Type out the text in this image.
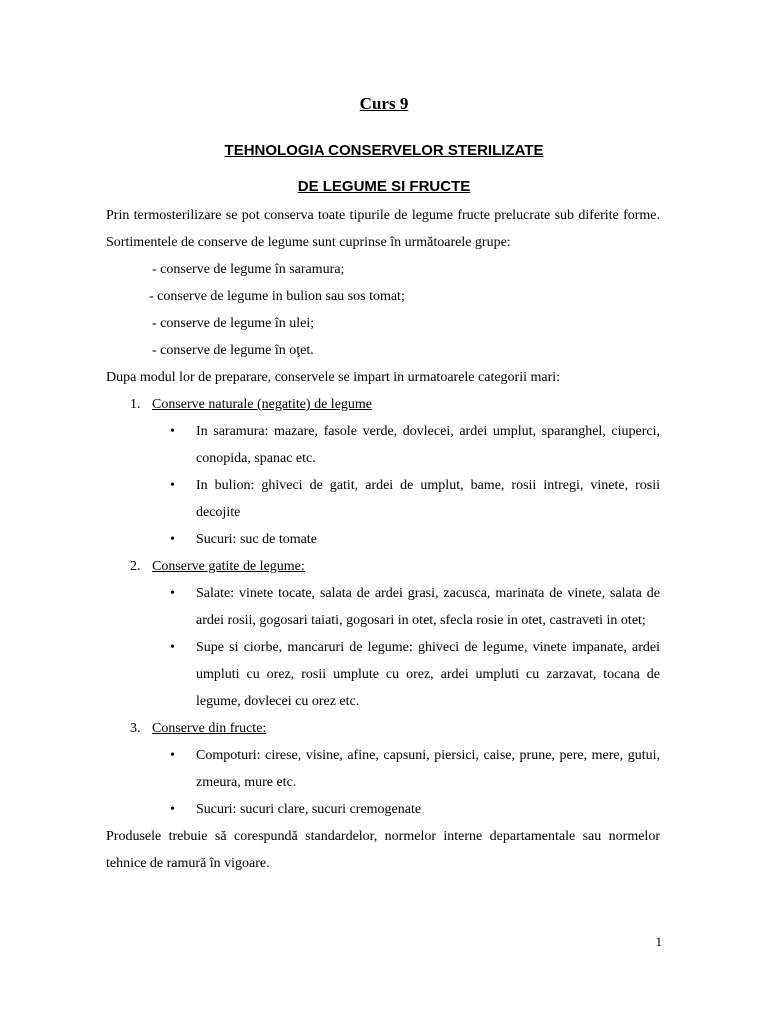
Curs 9
TEHNOLOGIA CONSERVELOR STERILIZATE
DE LEGUME SI FRUCTE

Prin termosterilizare se pot conserva toate tipurile de legume fructe prelucrate sub diferite forme. Sortimentele de conserve de legume sunt cuprinse în următoarele grupe:

- conserve de legume în saramura;
- conserve de legume in bulion sau sos tomat;
- conserve de legume în ulei;
- conserve de legume în oţet.

Dupa modul lor de preparare, conservele se impart in urmatoarele categorii mari:

1. Conserve naturale (negatite) de legume
•	In saramura: mazare, fasole verde, dovlecei, ardei umplut, sparanghel, ciuperci, conopida, spanac etc.
•	In bulion: ghiveci de gatit, ardei de umplut, bame, rosii intregi, vinete, rosii decojite
•	Sucuri: suc de tomate
2. Conserve gatite de legume:
•	Salate: vinete tocate, salata de ardei grasi, zacusca, marinata de vinete, salata de ardei rosii, gogosari taiati, gogosari in otet, sfecla rosie in otet, castraveti in otet;
•	Supe si ciorbe, mancaruri de legume: ghiveci de legume, vinete impanate, ardei umpluti cu orez, rosii umplute cu orez, ardei umpluti cu zarzavat, tocana de legume, dovlecei cu orez etc.
3. Conserve din fructe:
•	Compoturi: cirese, visine, afine, capsuni, piersici, caise, prune, pere, mere, gutui, zmeura, mure etc.
•	Sucuri: sucuri clare, sucuri cremogenate

Produsele trebuie să corespundă standardelor, normelor interne departamentale sau normelor tehnice de ramură în vigoare.

1
